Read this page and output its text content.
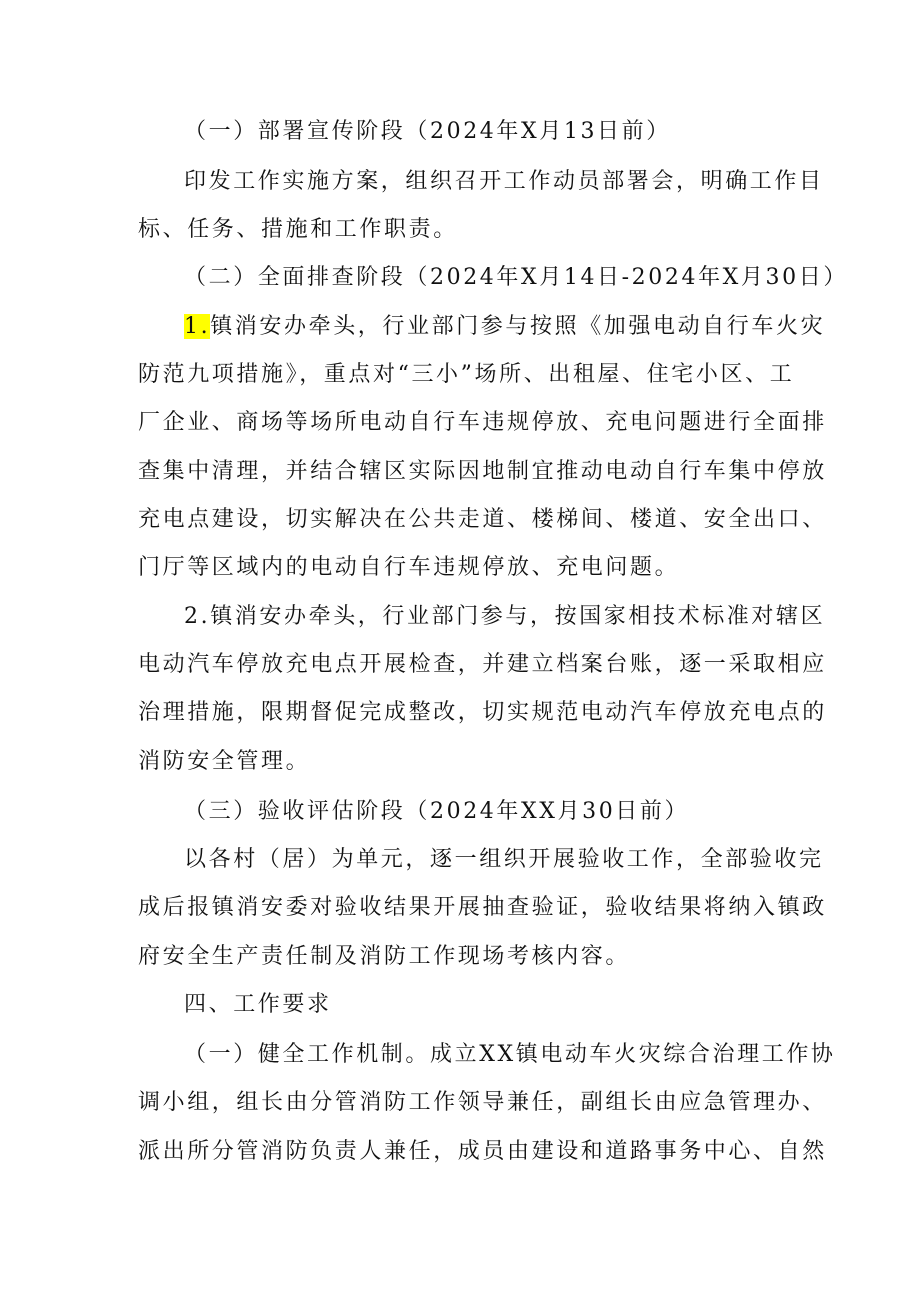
（一）部署宣传阶段（2024年X月13日前）
印发工作实施方案，组织召开工作动员部署会，明确工作目
标、任务、措施和工作职责。
（二）全面排查阶段（2024年X月14日-2024年X月30日）
1.镇消安办牵头，行业部门参与按照《加强电动自行车火灾
防范九项措施》，重点对“三小”场所、出租屋、住宅小区、工
厂企业、商场等场所电动自行车违规停放、充电问题进行全面排
查集中清理，并结合辖区实际因地制宜推动电动自行车集中停放
充电点建设，切实解决在公共走道、楼梯间、楼道、安全出口、
门厅等区域内的电动自行车违规停放、充电问题。
2.镇消安办牵头，行业部门参与，按国家相技术标准对辖区
电动汽车停放充电点开展检查，并建立档案台账，逐一采取相应
治理措施，限期督促完成整改，切实规范电动汽车停放充电点的
消防安全管理。
（三）验收评估阶段（2024年XX月30日前）
以各村（居）为单元，逐一组织开展验收工作，全部验收完
成后报镇消安委对验收结果开展抽查验证，验收结果将纳入镇政
府安全生产责任制及消防工作现场考核内容。
四、工作要求
（一）健全工作机制。成立XX镇电动车火灾综合治理工作协
调小组，组长由分管消防工作领导兼任，副组长由应急管理办、
派出所分管消防负责人兼任，成员由建设和道路事务中心、自然
